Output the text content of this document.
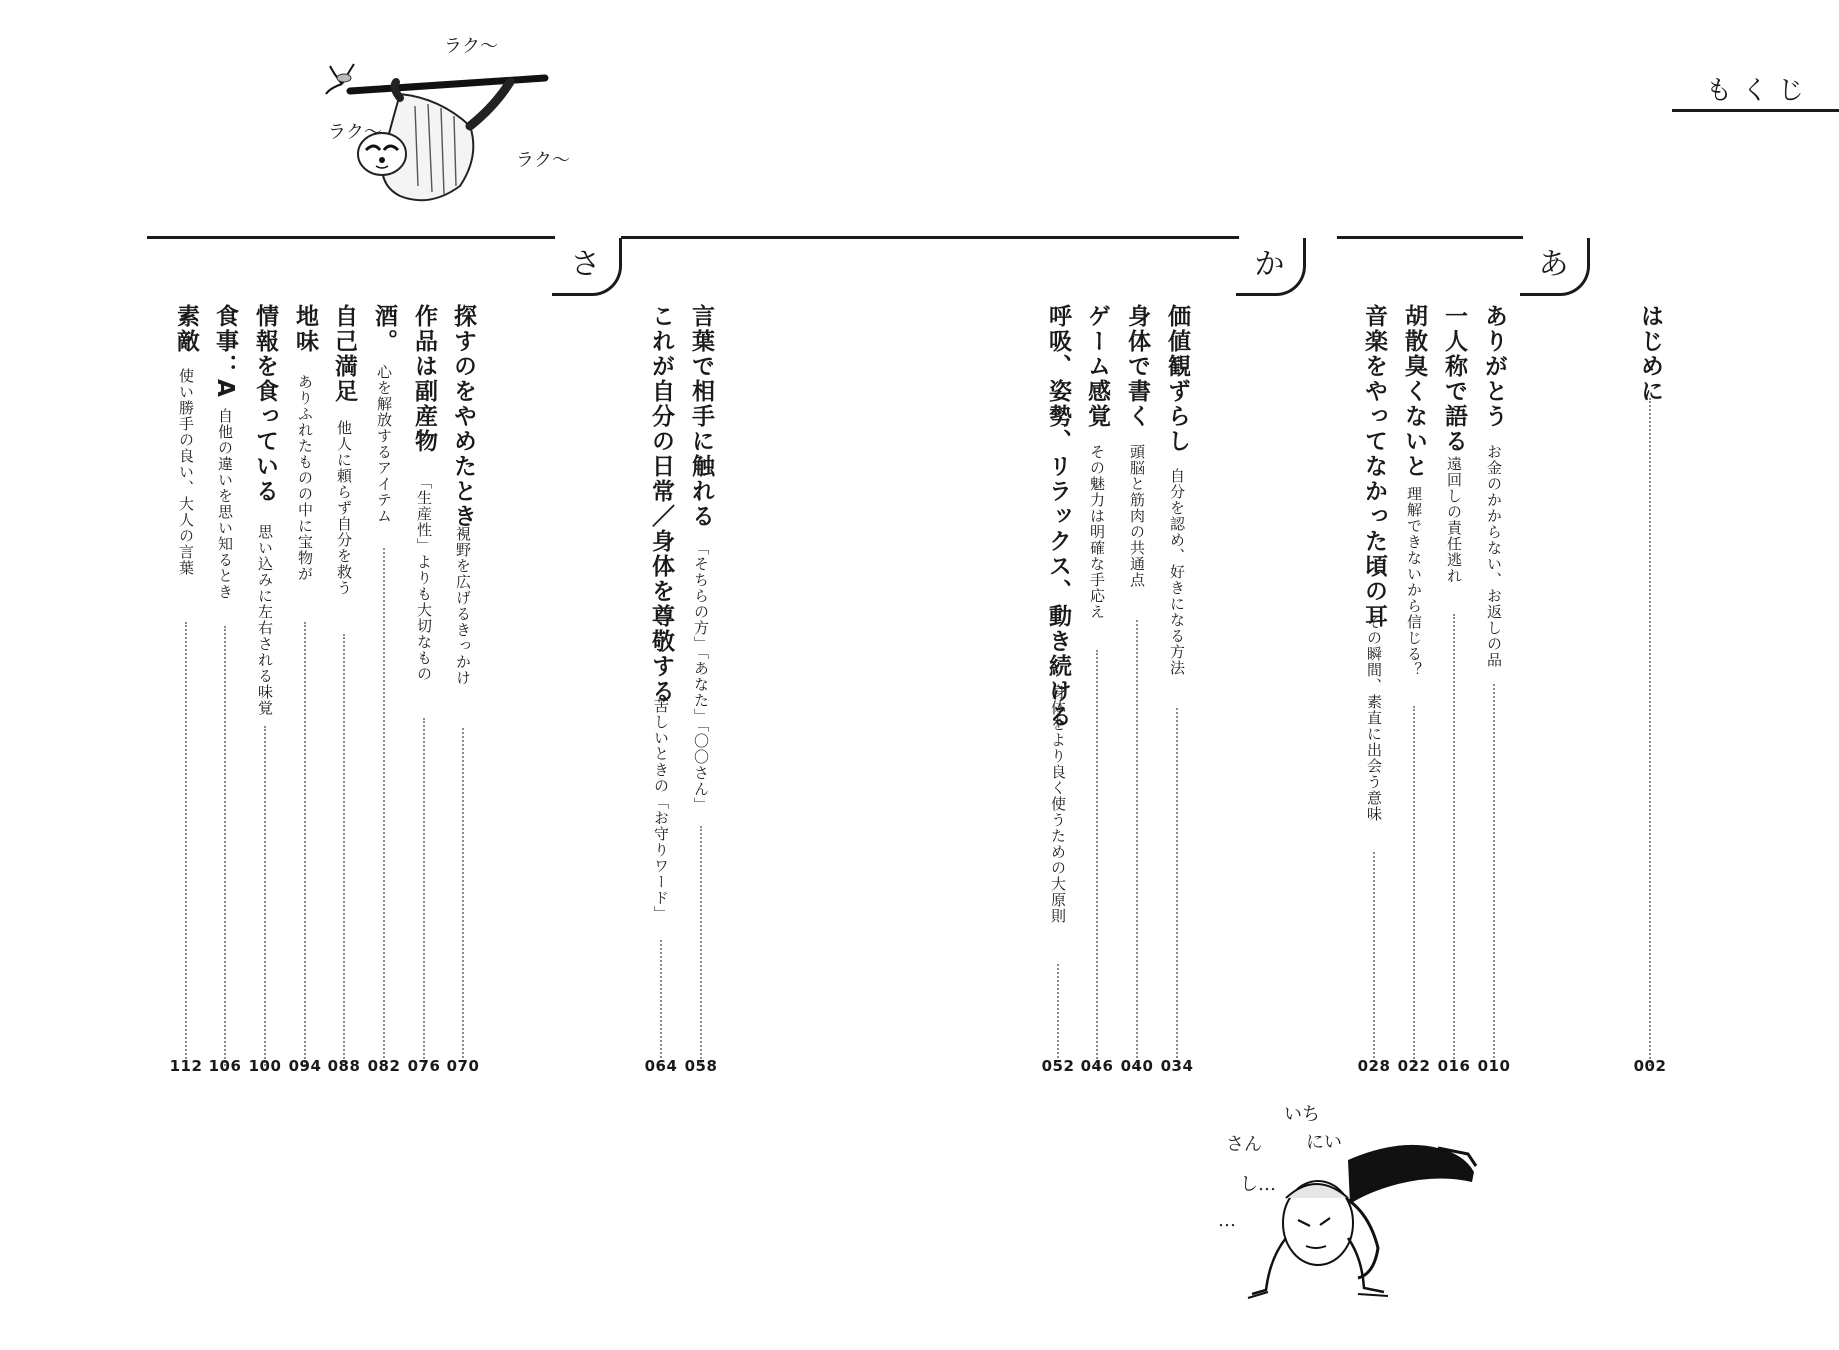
もくじ
あ
か
さ
はじめに
ありがとう
お金のかからない、お返しの品
一人称で語る
遠回しの責任逃れ
胡散臭くないと
理解できないから信じる？
音楽をやってなかった頃の耳
その瞬間、素直に出会う意味
価値観ずらし
自分を認め、好きになる方法
身体で書く
頭脳と筋肉の共通点
ゲーム感覚
その魅力は明確な手応え
呼吸、姿勢、リラックス、動き続ける
身体をより良く使うための大原則
言葉で相手に触れる
「そちらの方」「あなた」「〇〇さん」
これが自分の日常／身体を尊敬する
苦しいときの「お守りワード」
探すのをやめたとき
視野を広げるきっかけ
作品は副産物
「生産性」よりも大切なもの
酒。
心を解放するアイテム
自己満足
他人に頼らず自分を救う
地味
ありふれたものの中に宝物が
情報を食っている
思い込みに左右される味覚
食事：A
自他の違いを思い知るとき
素敵
使い勝手の良い、大人の言葉
002
010
016
022
028
034
040
046
052
058
064
070
076
082
088
094
100
106
112
ラク〜
ラク〜
ラク〜
いち
にい
さん
し…
…
